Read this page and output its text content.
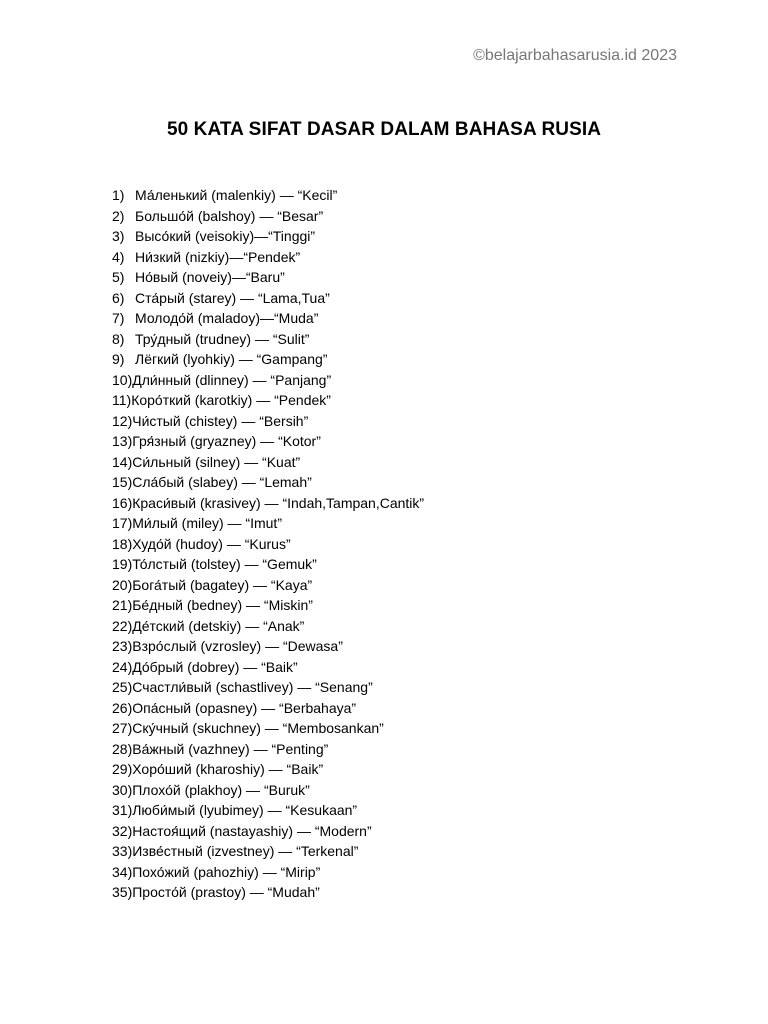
©belajarbahasarusia.id 2023
50 KATA SIFAT DASAR DALAM BAHASA RUSIA
1) Ма́ленький (malenkiy) — “Kecil”
2) Большо́й (balshoy) — “Besar”
3) Высо́кий (veisokiy)—“Tinggi”
4) Ни́зкий (nizkiy)—“Pendek”
5) Но́вый (noveiy)—“Baru”
6) Ста́рый (starey) — “Lama,Tua”
7) Молодо́й (maladoy)—“Muda”
8) Тру́дный (trudney) — “Sulit”
9) Лёгкий (lyohkiy) — “Gampang”
10)Дли́нный (dlinney) — “Panjang”
11)Коро́ткий (karotkiy) — “Pendek”
12)Чи́стый (chistey) — “Bersih”
13)Гря́зный (gryazney) — “Kotor”
14)Си́льный (silney) — “Kuat”
15)Сла́бый (slabey) — “Lemah”
16)Краси́вый (krasivey) — “Indah,Tampan,Cantik”
17)Ми́лый (miley) — “Imut”
18)Худо́й (hudoy) — “Kurus”
19)То́лстый (tolstey) — “Gemuk”
20)Бога́тый (bagatey) — “Kaya”
21)Бе́дный (bedney) — “Miskin”
22)Де́тский (detskiy) — “Anak”
23)Взро́слый (vzrosley) — “Dewasa”
24)До́брый (dobrey) — “Baik”
25)Счастли́вый (schastlivey) — “Senang”
26)Опа́сный (opasney) — “Berbahaya”
27)Ску́чный (skuchney) — “Membosankan”
28)Ва́жный (vazhney) — “Penting”
29)Хоро́ший (kharoshiy) — “Baik”
30)Плохо́й (plakhoy) — “Buruk”
31)Люби́мый (lyubimey) — “Kesukaan”
32)Настоя́щий (nastayashiy) — “Modern”
33)Изве́стный (izvestney) — “Terkenal”
34)Похо́жий (pahozhiy) — “Mirip”
35)Просто́й (prastoy) — “Mudah”
